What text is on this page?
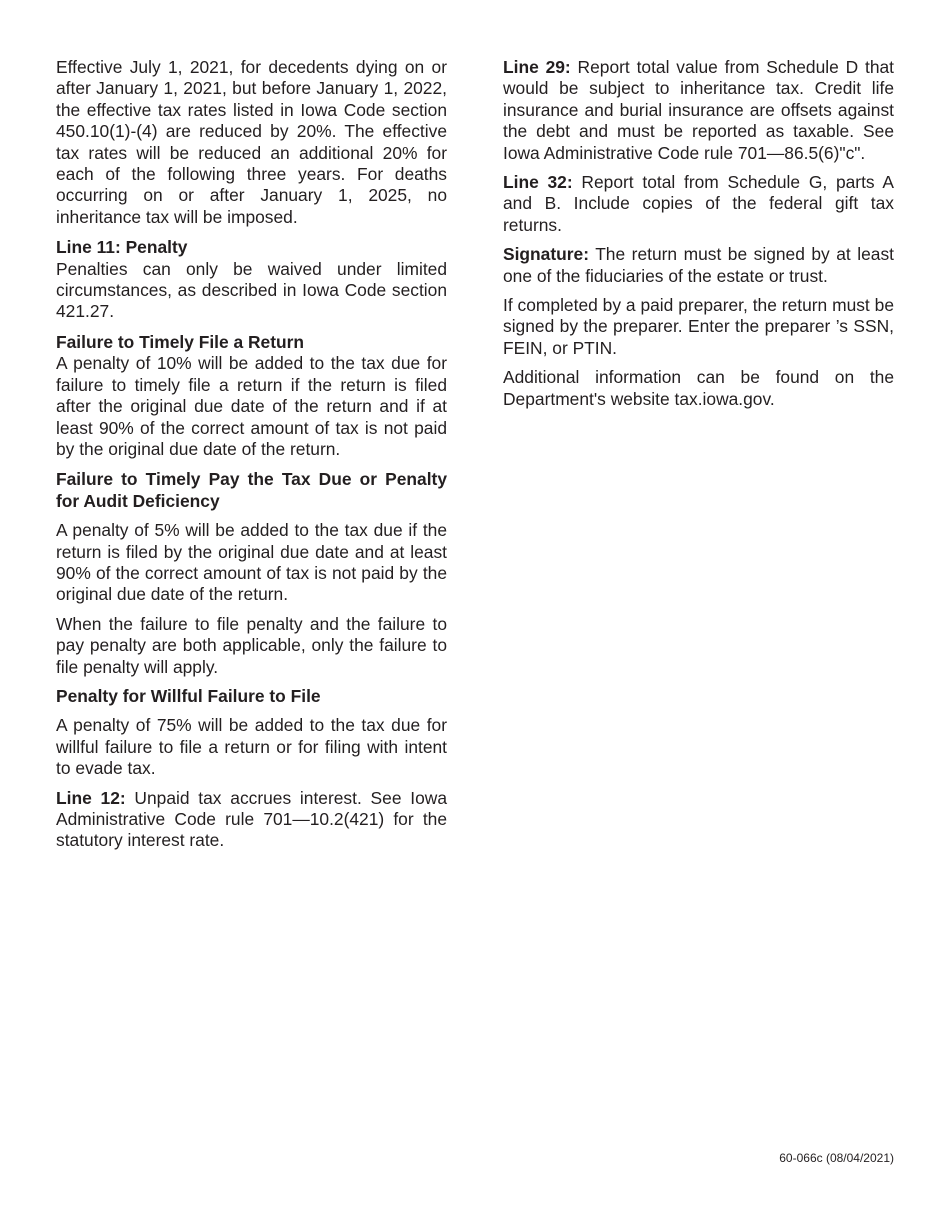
Effective July 1, 2021, for decedents dying on or after January 1, 2021, but before January 1, 2022, the effective tax rates listed in Iowa Code section 450.10(1)-(4) are reduced by 20%. The effective tax rates will be reduced an additional 20% for each of the following three years. For deaths occurring on or after January 1, 2025, no inheritance tax will be imposed.

Line 11: Penalty

Penalties can only be waived under limited circumstances, as described in Iowa Code section 421.27.

Failure to Timely File a Return

A penalty of 10% will be added to the tax due for failure to timely file a return if the return is filed after the original due date of the return and if at least 90% of the correct amount of tax is not paid by the original due date of the return.

Failure to Timely Pay the Tax Due or Penalty for Audit Deficiency

A penalty of 5% will be added to the tax due if the return is filed by the original due date and at least 90% of the correct amount of tax is not paid by the original due date of the return.

When the failure to file penalty and the failure to pay penalty are both applicable, only the failure to file penalty will apply.

Penalty for Willful Failure to File

A penalty of 75% will be added to the tax due for willful failure to file a return or for filing with intent to evade tax.

Line 12: Unpaid tax accrues interest. See Iowa Administrative Code rule 701—10.2(421) for the statutory interest rate.

Line 29: Report total value from Schedule D that would be subject to inheritance tax. Credit life insurance and burial insurance are offsets against the debt and must be reported as taxable. See Iowa Administrative Code rule 701—86.5(6)"c".

Line 32: Report total from Schedule G, parts A and B. Include copies of the federal gift tax returns.

Signature: The return must be signed by at least one of the fiduciaries of the estate or trust.

If completed by a paid preparer, the return must be signed by the preparer. Enter the preparer ’s SSN, FEIN, or PTIN.

Additional information can be found on the Department's website tax.iowa.gov.

60-066c (08/04/2021)
